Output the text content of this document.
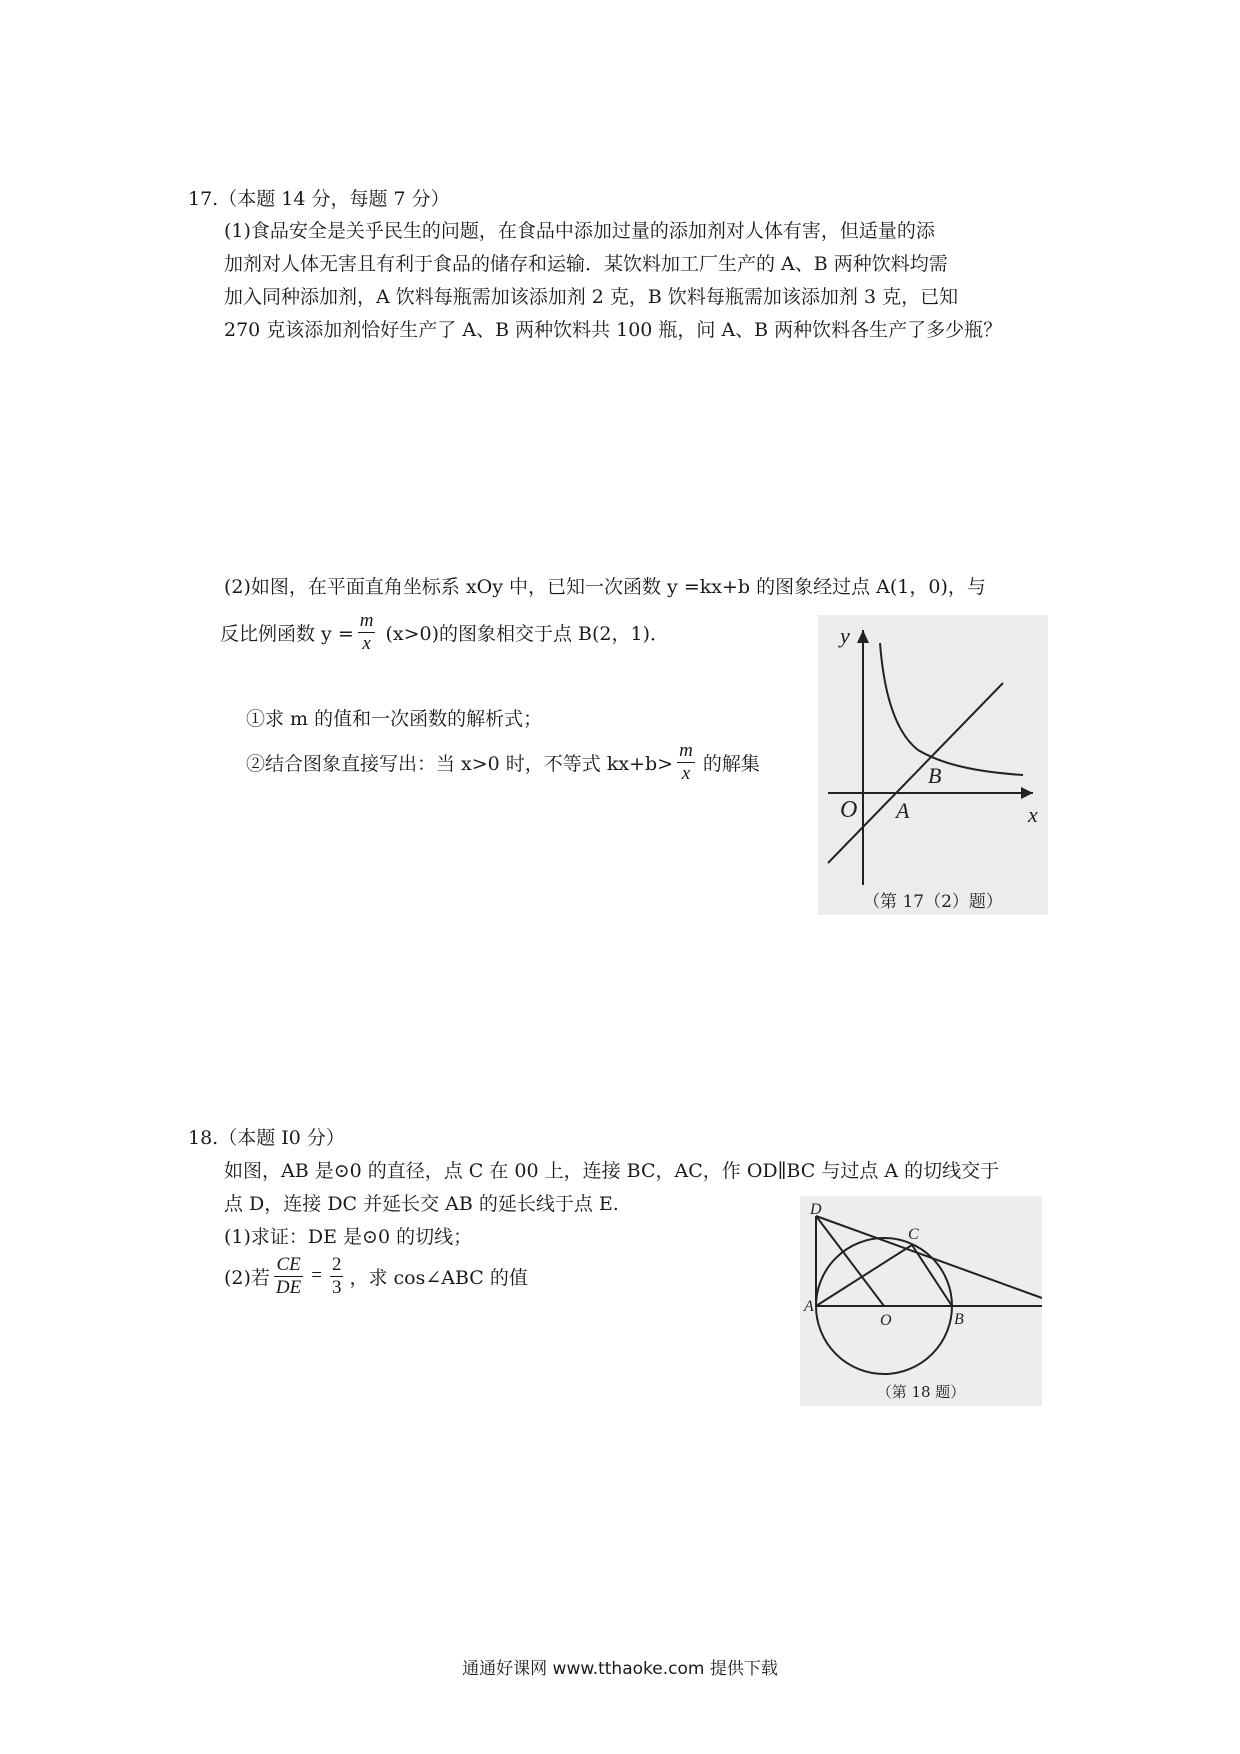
17.（本题 14 分，每题 7 分）
(1)食品安全是关乎民生的问题，在食品中添加过量的添加剂对人体有害，但适量的添
加剂对人体无害且有利于食品的储存和运输．某饮料加工厂生产的 A、B 两种饮料均需
加入同种添加剂，A 饮料每瓶需加该添加剂 2 克，B 饮料每瓶需加该添加剂 3 克，已知
270 克该添加剂恰好生产了 A、B 两种饮料共 100 瓶，问 A、B 两种饮料各生产了多少瓶？
(2)如图，在平面直角坐标系 xOy 中，已知一次函数 y =kx+b 的图象经过点 A(1，0)，与
反比例函数 $y = \frac{m}{x} (x>0)$的图象相交于点 B(2，1)．
①求 m 的值和一次函数的解析式；
②结合图象直接写出：当 x>0 时，不等式 $kx+b> \frac{m}{x}$ 的解集
y
x
O A
B
（第 17（2）题）
18.（本题 I0 分）
如图，AB 是⊙0 的直径，点 C 在 00 上，连接 BC，AC，作 OD∥BC 与过点 A 的切线交于
点 D，连接 DC 并延长交 AB 的延长线于点 E.
(1)求证：DE 是⊙0 的切线；
(2)若 $\frac{CE}{DE} = \frac{2}{3}$ ，求 cos∠ABC 的值
D
C
A
O	B
（第 18 题）
通通好课网 www.tthaoke.com 提供下载
